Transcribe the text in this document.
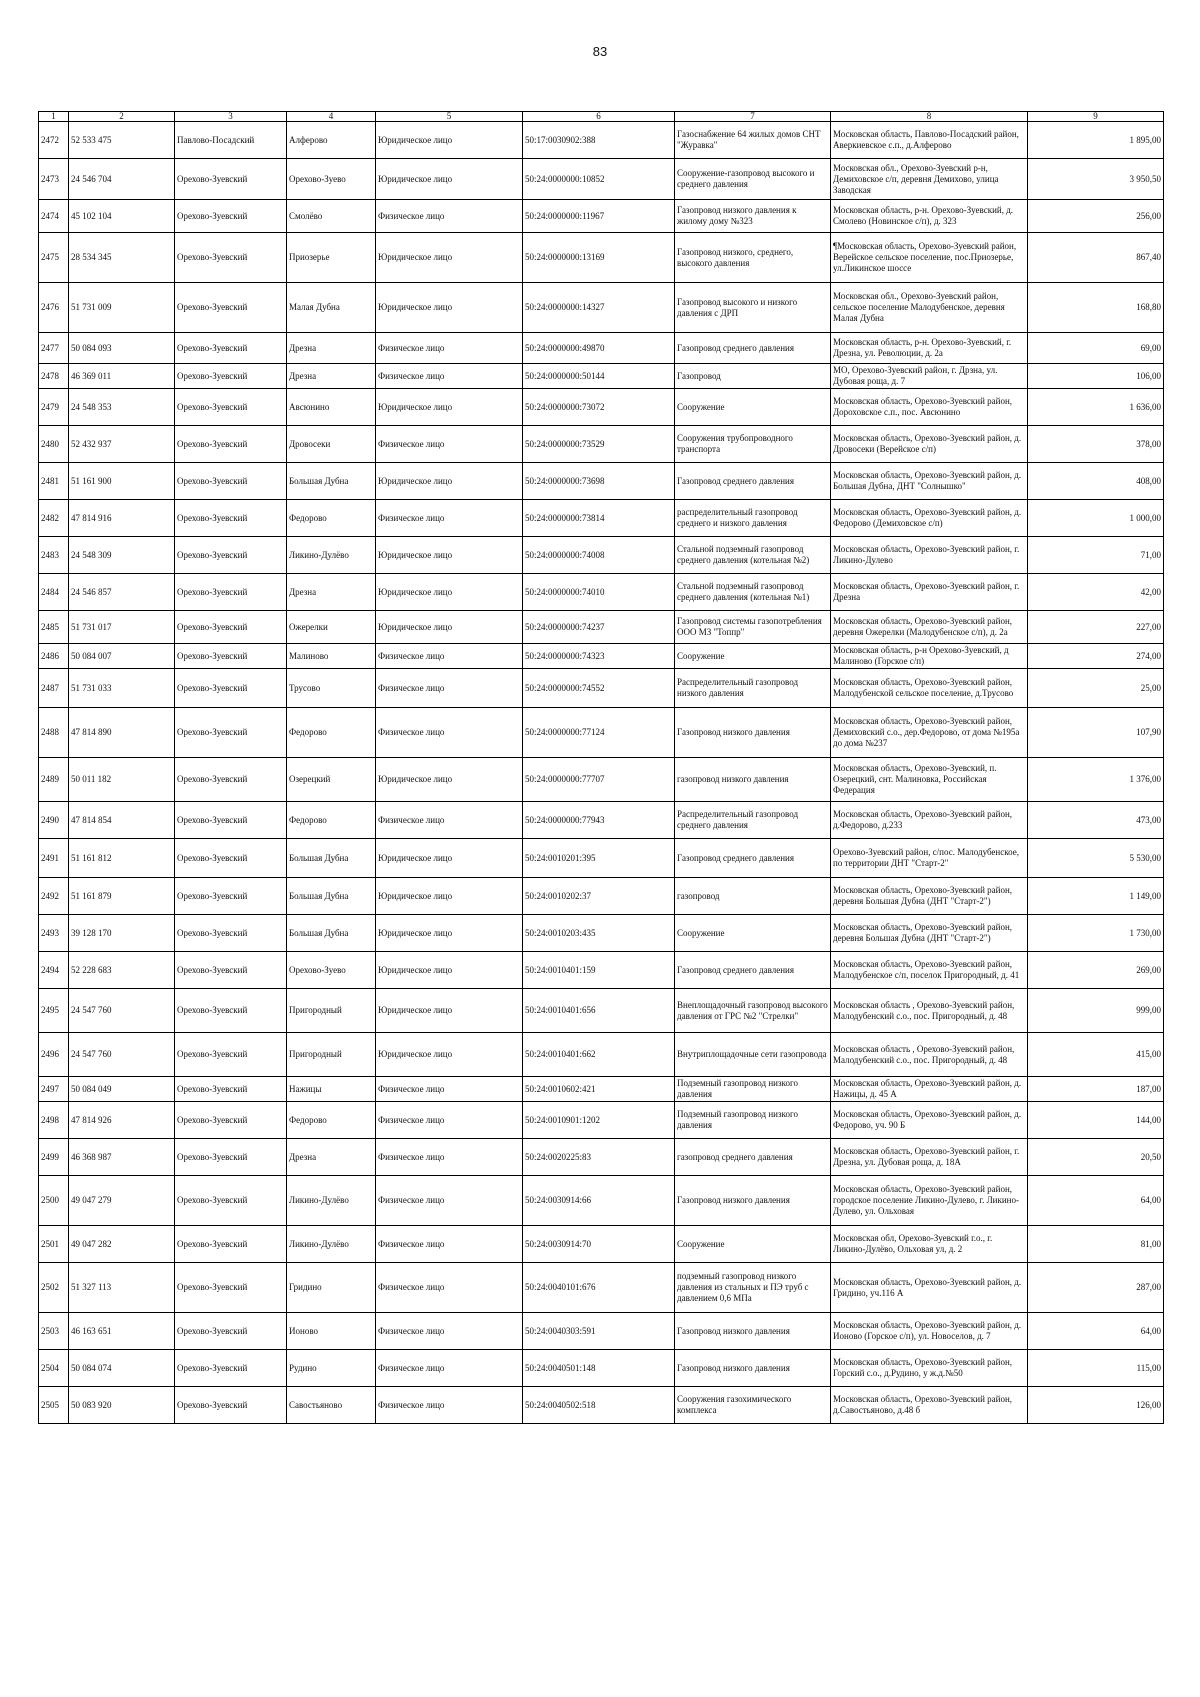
83
1	2	3	4	5	6	7	8	9
2472	52 533 475	Павлово-Посадский	Алферово	Юридическое лицо	50:17:0030902:388	Газоснабжение 64 жилых домов СНТ "Журавка"	Московская область, Павлово-Посадский район, Аверкиевское с.п., д.Алферово	1 895,00
2473	24 546 704	Орехово-Зуевский	Орехово-Зуево	Юридическое лицо	50:24:0000000:10852	Сооружение-газопровод высокого и среднего давления	Московская обл., Орехово-Зуевский р-н, Демиховское с/п, деревня Демихово, улица Заводская	3 950,50
2474	45 102 104	Орехово-Зуевский	Смолёво	Физическое лицо	50:24:0000000:11967	Газопровод низкого давления к жилому дому №323	Московская область, р-н. Орехово-Зуевский, д. Смолево (Новинское с/п), д. 323	256,00
2475	28 534 345	Орехово-Зуевский	Приозерье	Юридическое лицо	50:24:0000000:13169	Газопровод низкого, среднего, высокого давления	¶Московская область, Орехово-Зуевский район, Верейское сельское поселение, пос.Приозерье, ул.Ликинское шоссе	867,40
2476	51 731 009	Орехово-Зуевский	Малая Дубна	Юридическое лицо	50:24:0000000:14327	Газопровод высокого и низкого давления с ДРП	Московская обл., Орехово-Зуевский район, сельское поселение Малодубенское, деревня Малая Дубна	168,80
2477	50 084 093	Орехово-Зуевский	Дрезна	Физическое лицо	50:24:0000000:49870	Газопровод среднего давления	Московская область, р-н. Орехово-Зуевский, г. Дрезна, ул. Революции, д. 2а	69,00
2478	46 369 011	Орехово-Зуевский	Дрезна	Физическое лицо	50:24:0000000:50144	Газопровод	МО, Орехово-Зуевский район, г. Дрзна, ул. Дубовая роща, д. 7	106,00
2479	24 548 353	Орехово-Зуевский	Авсюнино	Юридическое лицо	50:24:0000000:73072	Сооружение	Московская область, Орехово-Зуевский район, Дороховское с.п., пос. Авсюнино	1 636,00
2480	52 432 937	Орехово-Зуевский	Дровосеки	Физическое лицо	50:24:0000000:73529	Сооружения трубопроводного транспорта	Московская область, Орехово-Зуевский район, д. Дровосеки (Верейское с/п)	378,00
2481	51 161 900	Орехово-Зуевский	Большая Дубна	Юридическое лицо	50:24:0000000:73698	Газопровод среднего давления	Московская область, Орехово-Зуевский район, д. Большая Дубна, ДНТ "Солнышко"	408,00
2482	47 814 916	Орехово-Зуевский	Федорово	Физическое лицо	50:24:0000000:73814	распределительный газопровод среднего и низкого давления	Московская область, Орехово-Зуевский район, д. Федорово (Демиховское с/п)	1 000,00
2483	24 548 309	Орехово-Зуевский	Ликино-Дулёво	Юридическое лицо	50:24:0000000:74008	Стальной подземный газопровод среднего давления (котельная №2)	Московская область, Орехово-Зуевский район, г. Ликино-Дулево	71,00
2484	24 546 857	Орехово-Зуевский	Дрезна	Юридическое лицо	50:24:0000000:74010	Стальной подземный газопровод среднего давления (котельная №1)	Московская область, Орехово-Зуевский район, г. Дрезна	42,00
2485	51 731 017	Орехово-Зуевский	Ожерелки	Юридическое лицо	50:24:0000000:74237	Газопровод системы газопотребления ООО МЗ "Топпр"	Московская область, Орехово-Зуевский район, деревня Ожерелки (Малодубенское с/п), д. 2а	227,00
2486	50 084 007	Орехово-Зуевский	Малиново	Физическое лицо	50:24:0000000:74323	Сооружение	Московская область, р-н Орехово-Зуевский, д Малиново (Горское с/п)	274,00
2487	51 731 033	Орехово-Зуевский	Трусово	Физическое лицо	50:24:0000000:74552	Распределительный газопровод низкого давления	Московская область, Орехово-Зуевский район, Малодубенской сельское поселение, д.Трусово	25,00
2488	47 814 890	Орехово-Зуевский	Федорово	Физическое лицо	50:24:0000000:77124	Газопровод низкого давления	Московская область, Орехово-Зуевский район, Демиховский с.о., дер.Федорово, от дома №195а до дома №237	107,90
2489	50 011 182	Орехово-Зуевский	Озерецкий	Юридическое лицо	50:24:0000000:77707	газопровод низкого давления	Московская область, Орехово-Зуевский, п. Озерецкий, снт. Малиновка, Российская Федерация	1 376,00
2490	47 814 854	Орехово-Зуевский	Федорово	Физическое лицо	50:24:0000000:77943	Распределительный газопровод среднего давления	Московская область, Орехово-Зуевский район, д.Федорово, д.233	473,00
2491	51 161 812	Орехово-Зуевский	Большая Дубна	Юридическое лицо	50:24:0010201:395	Газопровод среднего давления	Орехово-Зуевский район, с/пос. Малодубенское, по территории ДНТ "Старт-2"	5 530,00
2492	51 161 879	Орехово-Зуевский	Большая Дубна	Юридическое лицо	50:24:0010202:37	газопровод	Московская область, Орехово-Зуевский район, деревня Большая Дубна (ДНТ "Старт-2")	1 149,00
2493	39 128 170	Орехово-Зуевский	Большая Дубна	Юридическое лицо	50:24:0010203:435	Сооружение	Московская область, Орехово-Зуевский район, деревня Большая Дубна (ДНТ "Старт-2")	1 730,00
2494	52 228 683	Орехово-Зуевский	Орехово-Зуево	Юридическое лицо	50:24:0010401:159	Газопровод среднего давления	Московская область, Орехово-Зуевский район, Малодубенское с/п, поселок Пригородный, д. 41	269,00
2495	24 547 760	Орехово-Зуевский	Пригородный	Юридическое лицо	50:24:0010401:656	Внеплощадочный газопровод высокого давления от ГРС №2 "Стрелки"	Московская область , Орехово-Зуевский район, Малодубенский с.о., пос. Пригородный, д. 48	999,00
2496	24 547 760	Орехово-Зуевский	Пригородный	Юридическое лицо	50:24:0010401:662	Внутриплощадочные сети газопровода	Московская область , Орехово-Зуевский район, Малодубенский с.о., пос. Пригородный, д. 48	415,00
2497	50 084 049	Орехово-Зуевский	Нажицы	Физическое лицо	50:24:0010602:421	Подземный газопровод низкого давления	Московская область, Орехово-Зуевский район, д. Нажицы, д. 45 А	187,00
2498	47 814 926	Орехово-Зуевский	Федорово	Физическое лицо	50:24:0010901:1202	Подземный газопровод низкого давления	Московская область, Орехово-Зуевский район, д. Федорово, уч. 90 Б	144,00
2499	46 368 987	Орехово-Зуевский	Дрезна	Физическое лицо	50:24:0020225:83	газопровод среднего давления	Московская область, Орехово-Зуевский район, г. Дрезна, ул. Дубовая роща, д. 18А	20,50
2500	49 047 279	Орехово-Зуевский	Ликино-Дулёво	Физическое лицо	50:24:0030914:66	Газопровод низкого давления	Московская область, Орехово-Зуевский район, городское поселение Ликино-Дулево, г. Ликино-Дулево, ул. Ольховая	64,00
2501	49 047 282	Орехово-Зуевский	Ликино-Дулёво	Физическое лицо	50:24:0030914:70	Сооружение	Московская обл, Орехово-Зуевский г.о., г. Ликино-Дулёво, Ольховая ул, д. 2	81,00
2502	51 327 113	Орехово-Зуевский	Гридино	Физическое лицо	50:24:0040101:676	подземный газопровод низкого давления из стальных и ПЭ труб с давлением 0,6 МПа	Московская область, Орехово-Зуевский район, д. Гридино, уч.116 А	287,00
2503	46 163 651	Орехово-Зуевский	Ионово	Физическое лицо	50:24:0040303:591	Газопровод низкого давления	Московская область, Орехово-Зуевский район, д. Ионово (Горское с/п), ул. Новоселов, д. 7	64,00
2504	50 084 074	Орехово-Зуевский	Рудино	Физическое лицо	50:24:0040501:148	Газопровод низкого давления	Московская область, Орехово-Зуевский район, Горский с.о., д.Рудино, у ж.д.№50	115,00
2505	50 083 920	Орехово-Зуевский	Савостьяново	Физическое лицо	50:24:0040502:518	Сооружения газохимического комплекса	Московская область, Орехово-Зуевский район, д.Савостьяново, д.48 б	126,00
